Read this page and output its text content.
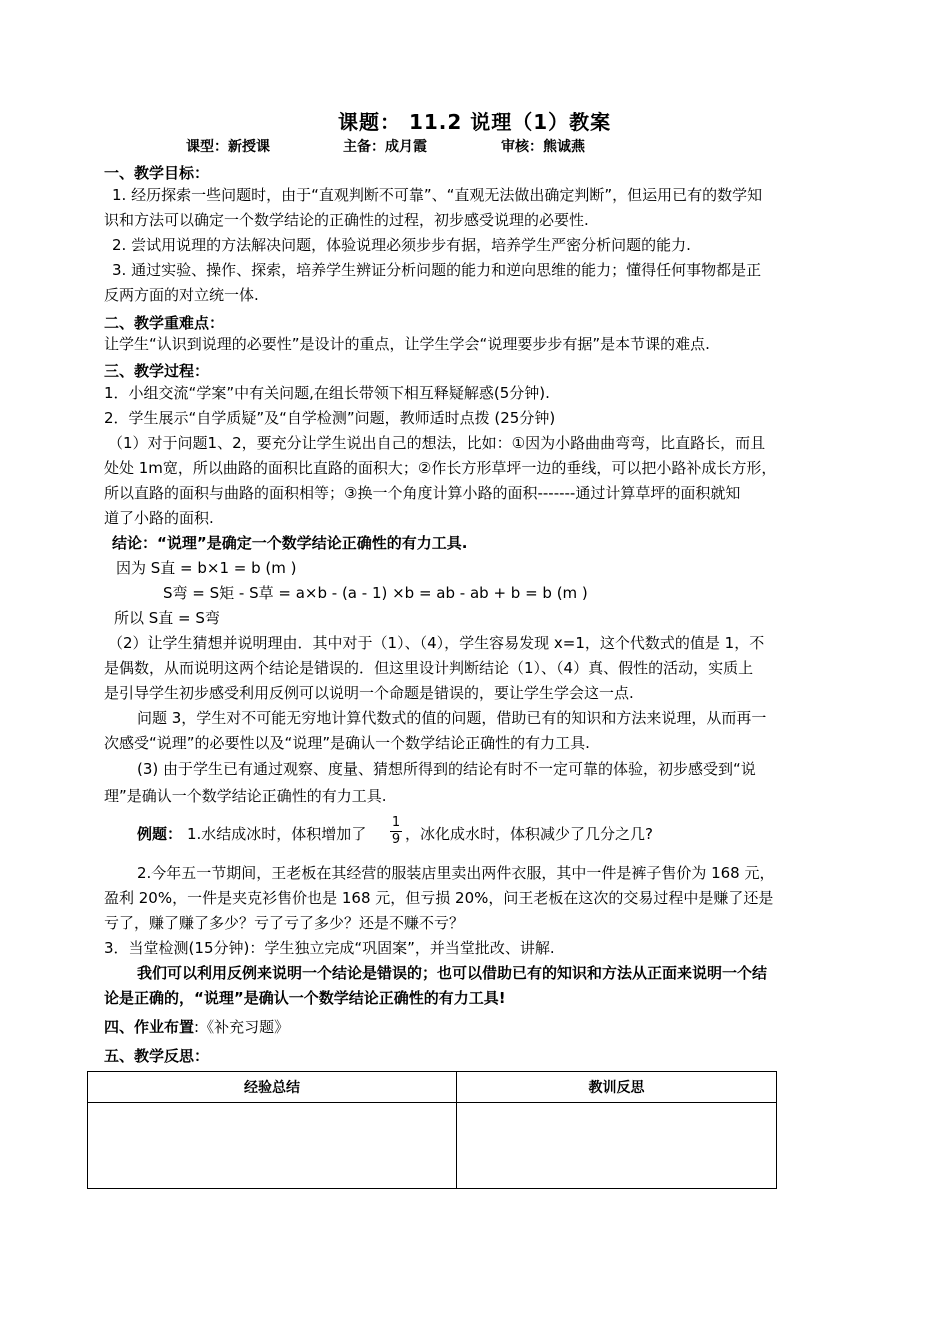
课题： 11.2 说理（1）教案
课型：新授课	主备：成月霞	审核：熊诚燕
一、教学目标：
1. 经历探索一些问题时，由于“直观判断不可靠”、“直观无法做出确定判断”，但运用已有的数学知
识和方法可以确定一个数学结论的正确性的过程，初步感受说理的必要性.
2. 尝试用说理的方法解决问题，体验说理必须步步有据，培养学生严密分析问题的能力.
3. 通过实验、操作、探索，培养学生辨证分析问题的能力和逆向思维的能力；懂得任何事物都是正
反两方面的对立统一体.
二、教学重难点：
让学生“认识到说理的必要性”是设计的重点，让学生学会“说理要步步有据”是本节课的难点.
三、教学过程：
1．小组交流“学案”中有关问题,在组长带领下相互释疑解惑(5分钟).
2．学生展示“自学质疑”及“自学检测”问题，教师适时点拨 (25分钟)
（1）对于问题1、2，要充分让学生说出自己的想法，比如：①因为小路曲曲弯弯，比直路长，而且
处处 1m宽，所以曲路的面积比直路的面积大；②作长方形草坪一边的垂线，可以把小路补成长方形，
所以直路的面积与曲路的面积相等；③换一个角度计算小路的面积-------通过计算草坪的面积就知
道了小路的面积.
结论：“说理”是确定一个数学结论正确性的有力工具.
因为 S直 = b×1 = b (m )
S弯 = S矩 - S草 = a×b - (a - 1) ×b = ab - ab + b = b (m )
所以 S直 = S弯
（2）让学生猜想并说明理由．其中对于（1）、（4），学生容易发现 x=1，这个代数式的值是 1，不
是偶数，从而说明这两个结论是错误的．但这里设计判断结论（1）、（4）真、假性的活动，实质上
是引导学生初步感受利用反例可以说明一个命题是错误的，要让学生学会这一点.
问题 3，学生对不可能无穷地计算代数式的值的问题，借助已有的知识和方法来说理，从而再一
次感受“说理”的必要性以及“说理”是确认一个数学结论正确性的有力工具.
(3) 由于学生已有通过观察、度量、猜想所得到的结论有时不一定可靠的体验，初步感受到“说
理”是确认一个数学结论正确性的有力工具.
例题： 1.水结成冰时，体积增加了 $\frac{1}{9}$ ，冰化成水时，体积减少了几分之几?
2.今年五一节期间，王老板在其经营的服装店里卖出两件衣服，其中一件是裤子售价为 168 元，
盈利 20%，一件是夹克衫售价也是 168 元，但亏损 20%，问王老板在这次的交易过程中是赚了还是
亏了，赚了赚了多少？亏了亏了多少？还是不赚不亏？
3．当堂检测(15分钟)：学生独立完成“巩固案”，并当堂批改、讲解.
我们可以利用反例来说明一个结论是错误的；也可以借助已有的知识和方法从正面来说明一个结
论是正确的，“说理”是确认一个数学结论正确性的有力工具!
四、作业布置:《补充习题》
五、教学反思：
经验总结	教训反思
